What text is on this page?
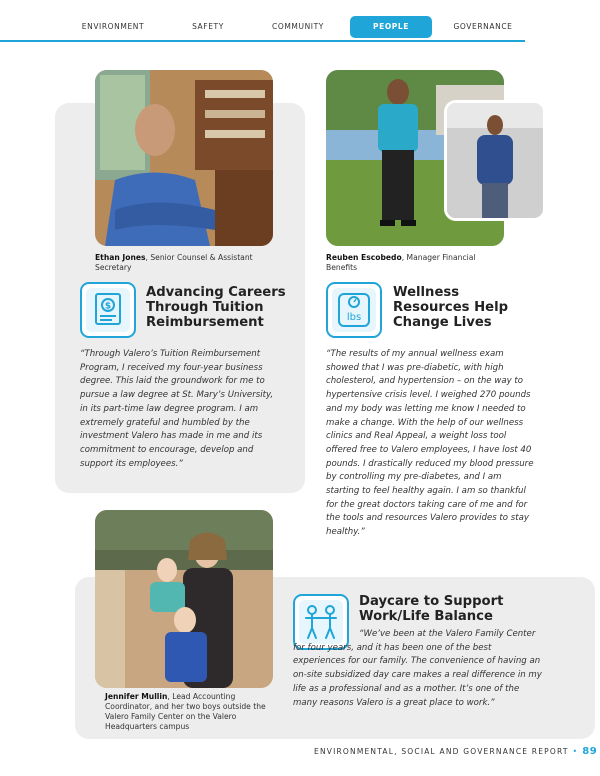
ENVIRONMENT	SAFETY	COMMUNITY	PEOPLE	GOVERNANCE
Ethan Jones, Senior Counsel & Assistant Secretary
$
Advancing Careers
Through Tuition
Reimbursement
“Through Valero’s Tuition Reimbursement Program, I received my four-year business degree. This laid the groundwork for me to pursue a law degree at St. Mary’s University, in its part-time law degree program. I am extremely grateful and humbled by the investment Valero has made in me and its commitment to encourage, develop and support its employees.”
Reuben Escobedo, Manager Financial Benefits
lbs
Wellness
Resources Help
Change Lives
“The results of my annual wellness exam showed that I was pre-diabetic, with high cholesterol, and hypertension – on the way to hypertensive crisis level. I weighed 270 pounds and my body was letting me know I needed to make a change. With the help of our wellness clinics and Real Appeal, a weight loss tool offered free to Valero employees, I have lost 40 pounds. I drastically reduced my blood pressure by controlling my pre-diabetes, and I am starting to feel healthy again. I am so thankful for the great doctors taking care of me and for the tools and resources Valero provides to stay healthy.”
Jennifer Mullin, Lead Accounting Coordinator, and her two boys outside the Valero Family Center on the Valero Headquarters campus
Daycare to Support
Work/Life Balance
“We’ve been at the Valero Family Center for four years, and it has been one of the best experiences for our family. The convenience of having an on-site subsidized day care makes a real difference in my life as a professional and as a mother. It’s one of the many reasons Valero is a great place to work.”
ENVIRONMENTAL, SOCIAL AND GOVERNANCE REPORT • 89
